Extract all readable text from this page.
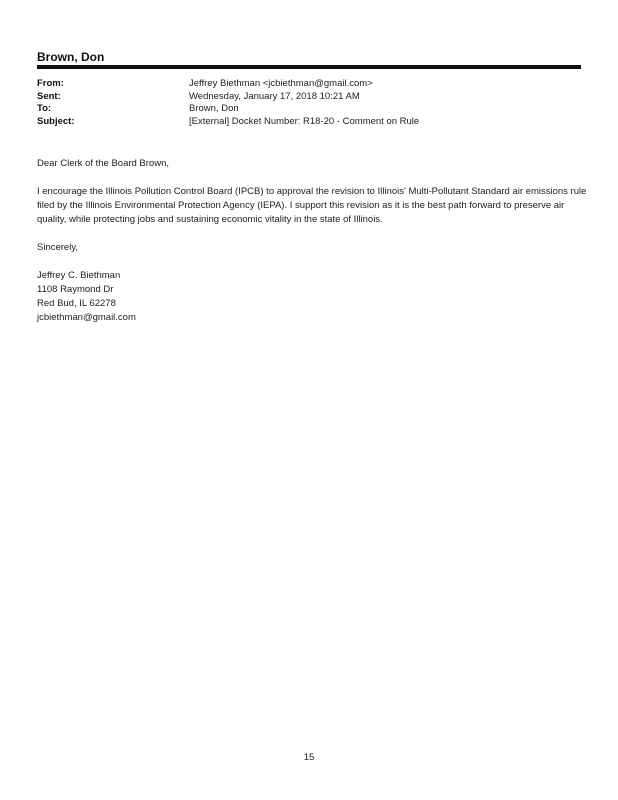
Brown, Don
From:	Jeffrey Biethman <jcbiethman@gmail.com>
Sent:	Wednesday, January 17, 2018 10:21 AM
To:	Brown, Don
Subject:	[External] Docket Number: R18-20 - Comment on Rule

Dear Clerk of the Board Brown,

I encourage the Illinois Pollution Control Board (IPCB) to approval the revision to Illinois' Multi-Pollutant Standard air emissions rule filed by the Illinois Environmental Protection Agency (IEPA). I support this revision as it is the best path forward to preserve air quality, while protecting jobs and sustaining economic vitality in the state of Illinois.

Sincerely,

Jeffrey C. Biethman
1108 Raymond Dr
Red Bud, IL 62278
jcbiethman@gmail.com

15
